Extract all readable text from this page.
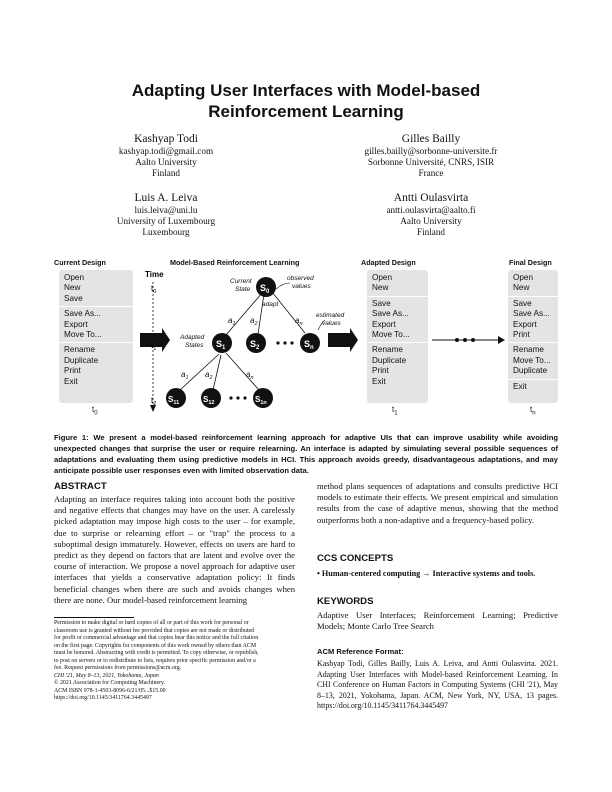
Adapting User Interfaces with Model-based
Reinforcement Learning
Kashyap Todi
kashyap.todi@gmail.com
Aalto University
Finland
Gilles Bailly
gilles.bailly@sorbonne-universite.fr
Sorbonne Université, CNRS, ISIR
France
Luis A. Leiva
luis.leiva@uni.lu
University of Luxembourg
Luxembourg
Antti Oulasvirta
antti.oulasvirta@aalto.fi
Aalto University
Finland
Current Design	Model-Based Reinforcement Learning	Adapted Design	Final Design
Open
New
Save
Save As...
Export
Move To...
Rename
Duplicate
Print
Exit
Open
New
Save
Save As...
Export
Move To...
Rename
Duplicate
Print
Exit
Open
New
Save
Save As...
Export
Print
Rename
Move To...
Duplicate
Exit
$t_0$	$t_1$	$t_n$
Time
$t_0$
$t_1$
$t_2$
$S_0$
$S_1$	$S_2$	$S_n$
$S_{11}$	$S_{12}$	$S_{1n}$
$a_1$ $a_2$	$a_n$
$a_1$ $a_2$	$a_n$
Current
State
observed
values
adapt
Adapted
States
estimated
values
Figure 1: We present a model-based reinforcement learning approach for adaptive UIs that can improve usability while avoiding unexpected changes that surprise the user or require relearning. An interface is adapted by simulating several possible sequences of adaptations and evaluating them using predictive models in HCI. This approach avoids greedy, disadvantageous adaptations, and may anticipate possible user responses even with limited observation data.
ABSTRACT
Adapting an interface requires taking into account both the positive and negative effects that changes may have on the user. A carelessly picked adaptation may impose high costs to the user – for example, due to surprise or relearning effort – or "trap" the process to a suboptimal design immaturely. However, effects on users are hard to predict as they depend on factors that are latent and evolve over the course of interaction. We propose a novel approach for adaptive user interfaces that yields a conservative adaptation policy: It finds beneficial changes when there are such and avoids changes when there are none. Our model-based reinforcement learning
Permission to make digital or hard copies of all or part of this work for personal or
classroom use is granted without fee provided that copies are not made or distributed
for profit or commercial advantage and that copies bear this notice and the full citation
on the first page. Copyrights for components of this work owned by others than ACM
must be honored. Abstracting with credit is permitted. To copy otherwise, or republish,
to post on servers or to redistribute to lists, requires prior specific permission and/or a
fee. Request permissions from permissions@acm.org.
CHI '21, May 8–13, 2021, Yokohama, Japan
© 2021 Association for Computing Machinery.
ACM ISBN 978-1-4503-8096-6/21/05...$15.00
https://doi.org/10.1145/3411764.3445497
method plans sequences of adaptations and consults predictive HCI models to estimate their effects. We present empirical and simulation results from the case of adaptive menus, showing that the method outperforms both a non-adaptive and a frequency-based policy.
CCS CONCEPTS
• Human-centered computing → Interactive systems and tools.
KEYWORDS
Adaptive User Interfaces; Reinforcement Learning; Predictive Models; Monte Carlo Tree Search
ACM Reference Format:
Kashyap Todi, Gilles Bailly, Luis A. Leiva, and Antti Oulasvirta. 2021. Adapting User Interfaces with Model-based Reinforcement Learning. In CHI Conference on Human Factors in Computing Systems (CHI '21), May 8–13, 2021, Yokohama, Japan. ACM, New York, NY, USA, 13 pages. https://doi.org/10.1145/3411764.3445497
